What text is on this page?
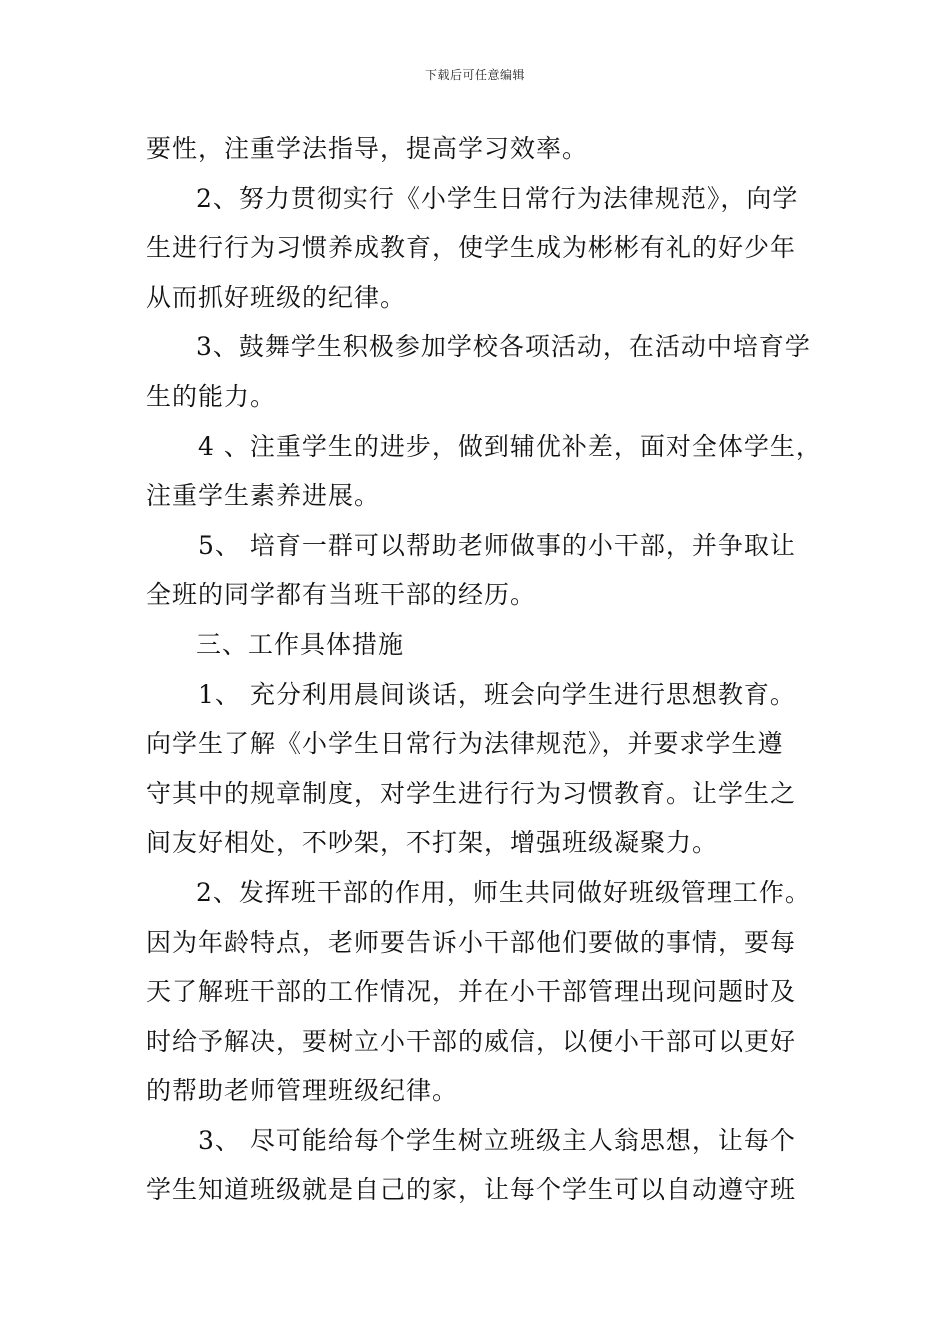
下载后可任意编辑
要性，注重学法指导，提高学习效率。
2、努力贯彻实行《小学生日常行为法律规范》，向学
生进行行为习惯养成教育，使学生成为彬彬有礼的好少年
从而抓好班级的纪律。
3、鼓舞学生积极参加学校各项活动，在活动中培育学
生的能力。
4 、注重学生的进步，做到辅优补差，面对全体学生，
注重学生素养进展。
5、 培育一群可以帮助老师做事的小干部，并争取让
全班的同学都有当班干部的经历。
三、工作具体措施
1、 充分利用晨间谈话，班会向学生进行思想教育。
向学生了解《小学生日常行为法律规范》，并要求学生遵
守其中的规章制度，对学生进行行为习惯教育。让学生之
间友好相处，不吵架，不打架，增强班级凝聚力。
2、发挥班干部的作用，师生共同做好班级管理工作。
因为年龄特点，老师要告诉小干部他们要做的事情，要每
天了解班干部的工作情况，并在小干部管理出现问题时及
时给予解决，要树立小干部的威信，以便小干部可以更好
的帮助老师管理班级纪律。
3、 尽可能给每个学生树立班级主人翁思想，让每个
学生知道班级就是自己的家，让每个学生可以自动遵守班
